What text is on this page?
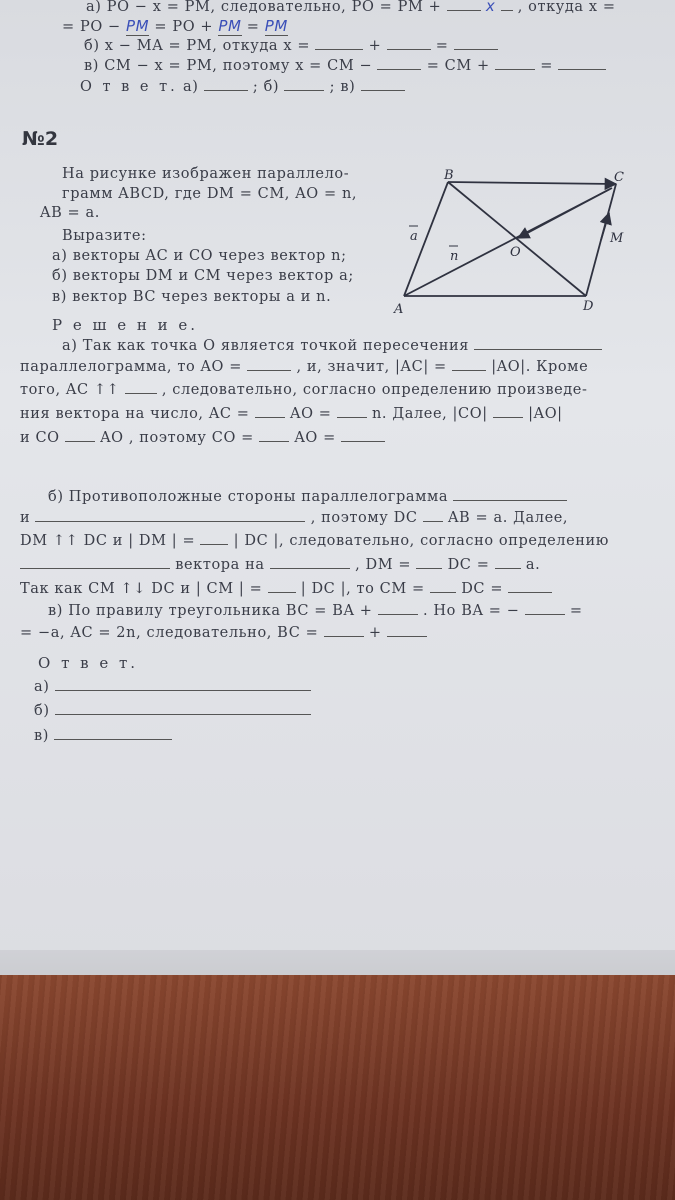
а) PO − x = PM, следовательно, PO = PM +	x , откуда x =
= PO − PM = PO + PM = PM
б) x − MA = PM, откуда x =	+	=
в) CM − x = PM, поэтому x = CM −	= CM +	=
О т в е т. а)	; б)	; в)
№2
На рисунке изображен параллело-
грамм ABCD, где DM = CM, AO = n,
AB = a.
Выразите:
а) векторы AC и CO через вектор n;
б) векторы DM и CM через вектор a;
в) вектор BC через векторы a и n.
B	C
A	D
M
O
a
n
Р е ш е н и е.
а) Так как точка O является точкой пересечения
параллелограмма, то AO =	, и, значит, |AC| =	|AO|. Кроме
того, AC ↑↑	, следовательно, согласно определению произведе-
ния вектора на число, AC =	AO =	n. Далее, |CO|	|AO|
и CO	AO , поэтому CO =	AO =
б) Противоположные стороны параллелограмма
и	, поэтому DC AB = a. Далее,
DM ↑↑ DC и | DM | =	| DC |, следовательно, согласно определению
вектора на	, DM =	DC =	a.
Так как CM ↑↓ DC и | CM | =	| DC |, то CM =	DC =
в) По правилу треугольника BC = BA +	. Но BA = −	=
= −a, AC = 2n, следовательно, BC =	+
О т в е т.
а)
б)
в)
